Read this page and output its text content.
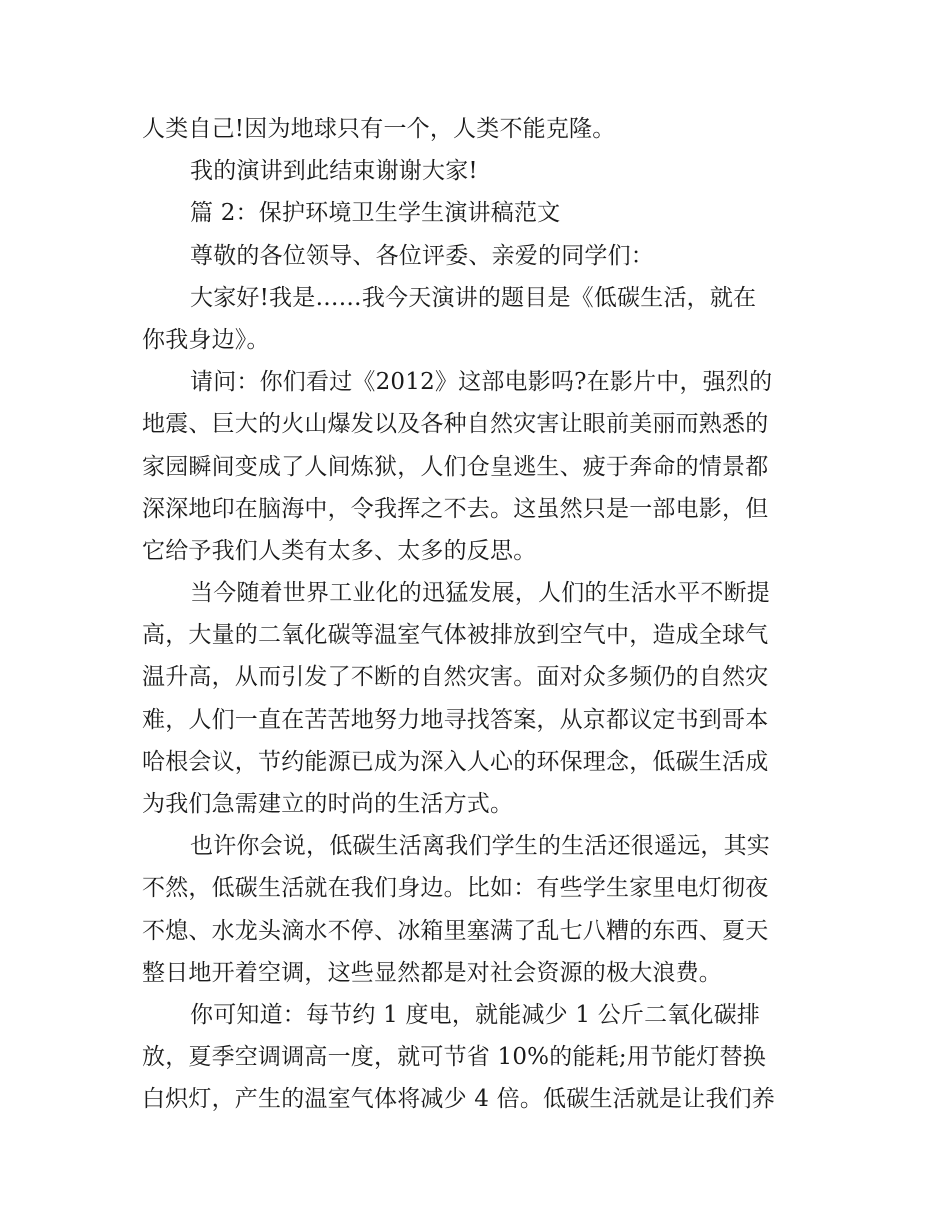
人类自己!因为地球只有一个，人类不能克隆。
我的演讲到此结束谢谢大家!
篇 2：保护环境卫生学生演讲稿范文
尊敬的各位领导、各位评委、亲爱的同学们：
大家好!我是……我今天演讲的题目是《低碳生活，就在
你我身边》。
请问：你们看过《2012》这部电影吗?在影片中，强烈的
地震、巨大的火山爆发以及各种自然灾害让眼前美丽而熟悉的
家园瞬间变成了人间炼狱，人们仓皇逃生、疲于奔命的情景都
深深地印在脑海中，令我挥之不去。这虽然只是一部电影，但
它给予我们人类有太多、太多的反思。
当今随着世界工业化的迅猛发展，人们的生活水平不断提
高，大量的二氧化碳等温室气体被排放到空气中，造成全球气
温升高，从而引发了不断的自然灾害。面对众多频仍的自然灾
难，人们一直在苦苦地努力地寻找答案，从京都议定书到哥本
哈根会议，节约能源已成为深入人心的环保理念，低碳生活成
为我们急需建立的时尚的生活方式。
也许你会说，低碳生活离我们学生的生活还很遥远，其实
不然，低碳生活就在我们身边。比如：有些学生家里电灯彻夜
不熄、水龙头滴水不停、冰箱里塞满了乱七八糟的东西、夏天
整日地开着空调，这些显然都是对社会资源的极大浪费。
你可知道：每节约 1 度电，就能减少 1 公斤二氧化碳排
放，夏季空调调高一度，就可节省 10%的能耗;用节能灯替换
白炽灯，产生的温室气体将减少 4 倍。低碳生活就是让我们养
